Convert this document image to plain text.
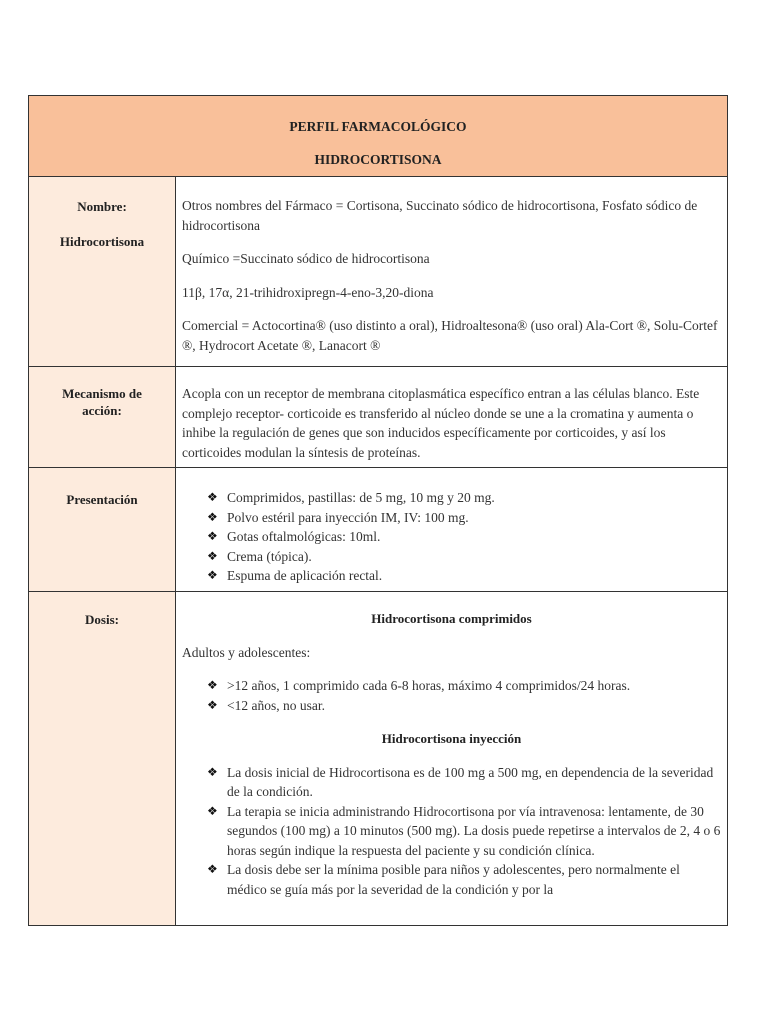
PERFIL FARMACOLÓGICO
HIDROCORTISONA
Nombre:
Hidrocortisona

Otros nombres del Fármaco = Cortisona, Succinato sódico de hidrocortisona, Fosfato sódico de hidrocortisona

Químico =Succinato sódico de hidrocortisona

11β, 17α, 21-trihidroxipregn-4-eno-3,20-diona

Comercial = Actocortina® (uso distinto a oral), Hidroaltesona® (uso oral) Ala-Cort ®, Solu-Cortef ®, Hydrocort Acetate ®, Lanacort ®

Mecanismo de acción:

Acopla con un receptor de membrana citoplasmática específico entran a las células blanco. Este complejo receptor- corticoide es transferido al núcleo donde se une a la cromatina y aumenta o inhibe la regulación de genes que son inducidos específicamente por corticoides, y así los corticoides modulan la síntesis de proteínas.

Presentación	❖ Comprimidos, pastillas: de 5 mg, 10 mg y 20 mg.
❖ Polvo estéril para inyección IM, IV: 100 mg.
❖ Gotas oftalmológicas: 10ml.
❖ Crema (tópica).
❖ Espuma de aplicación rectal.
Dosis:	Hidrocortisona comprimidos

Adultos y adolescentes:

❖ >12 años, 1 comprimido cada 6-8 horas, máximo 4 comprimidos/24 horas.
❖ <12 años, no usar.

Hidrocortisona inyección

❖ La dosis inicial de Hidrocortisona es de 100 mg a 500 mg, en dependencia de la severidad de la condición.
❖ La terapia se inicia administrando Hidrocortisona por vía intravenosa: lentamente, de 30 segundos (100 mg) a 10 minutos (500 mg). La dosis puede repetirse a intervalos de 2, 4 o 6 horas según indique la respuesta del paciente y su condición clínica.
❖ La dosis debe ser la mínima posible para niños y adolescentes, pero normalmente el médico se guía más por la severidad de la condición y por la
